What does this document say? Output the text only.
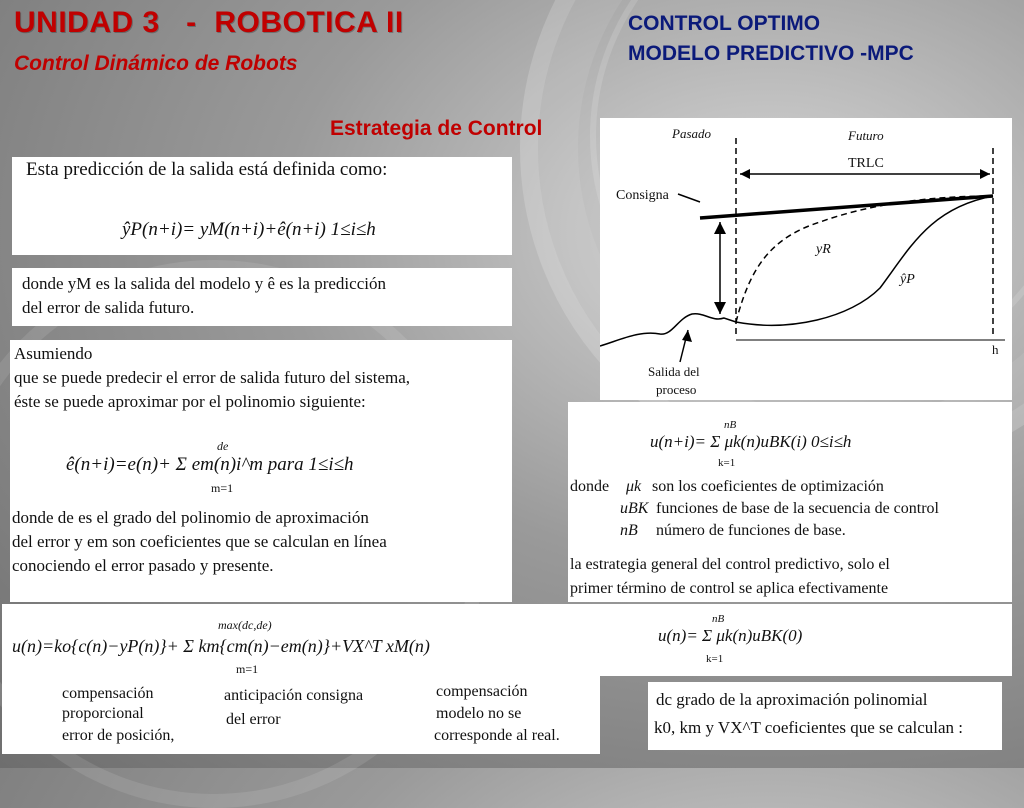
UNIDAD 3   -  ROBOTICA II
Control Dinámico de Robots
CONTROL OPTIMO
MODELO PREDICTIVO -MPC
Estrategia de Control
Esta predicción de la salida está definida como:
ŷP(n+i)= yM(n+i)+ê(n+i) 1≤i≤h
donde yM es la salida del modelo y ê es la predicción
del error de salida futuro.
Asumiendo
que se puede predecir el error de salida futuro del sistema,
éste se puede aproximar por el polinomio siguiente:
de
m=1
ê(n+i)=e(n)+ Σ em(n)i^m para 1≤i≤h
donde de es el grado del polinomio de aproximación
del error y em son coeficientes que se calculan en línea
conociendo el error pasado y presente.
Pasado	Futuro
TRLC
Consigna
yR
ŷP
Salida del
proceso
h
nB
k=1
u(n+i)= Σ μk(n)uBK(i) 0≤i≤h
donde μk son los coeficientes de optimización
uBK funciones de base de la secuencia de control
nB número de funciones de base.
la estrategia general del control predictivo, solo el
primer término de control se aplica efectivamente
nB
k=1
u(n)= Σ μk(n)uBK(0)
max(dc,de)
m=1
u(n)=ko{c(n)−yP(n)}+ Σ km{cm(n)−em(n)}+VX^T xM(n)
compensación
proporcional
error de posición,
anticipación consigna
del error
compensación
modelo no se
corresponde al real.
dc grado de la aproximación polinomial
k0, km y VX^T coeficientes que se calculan :
